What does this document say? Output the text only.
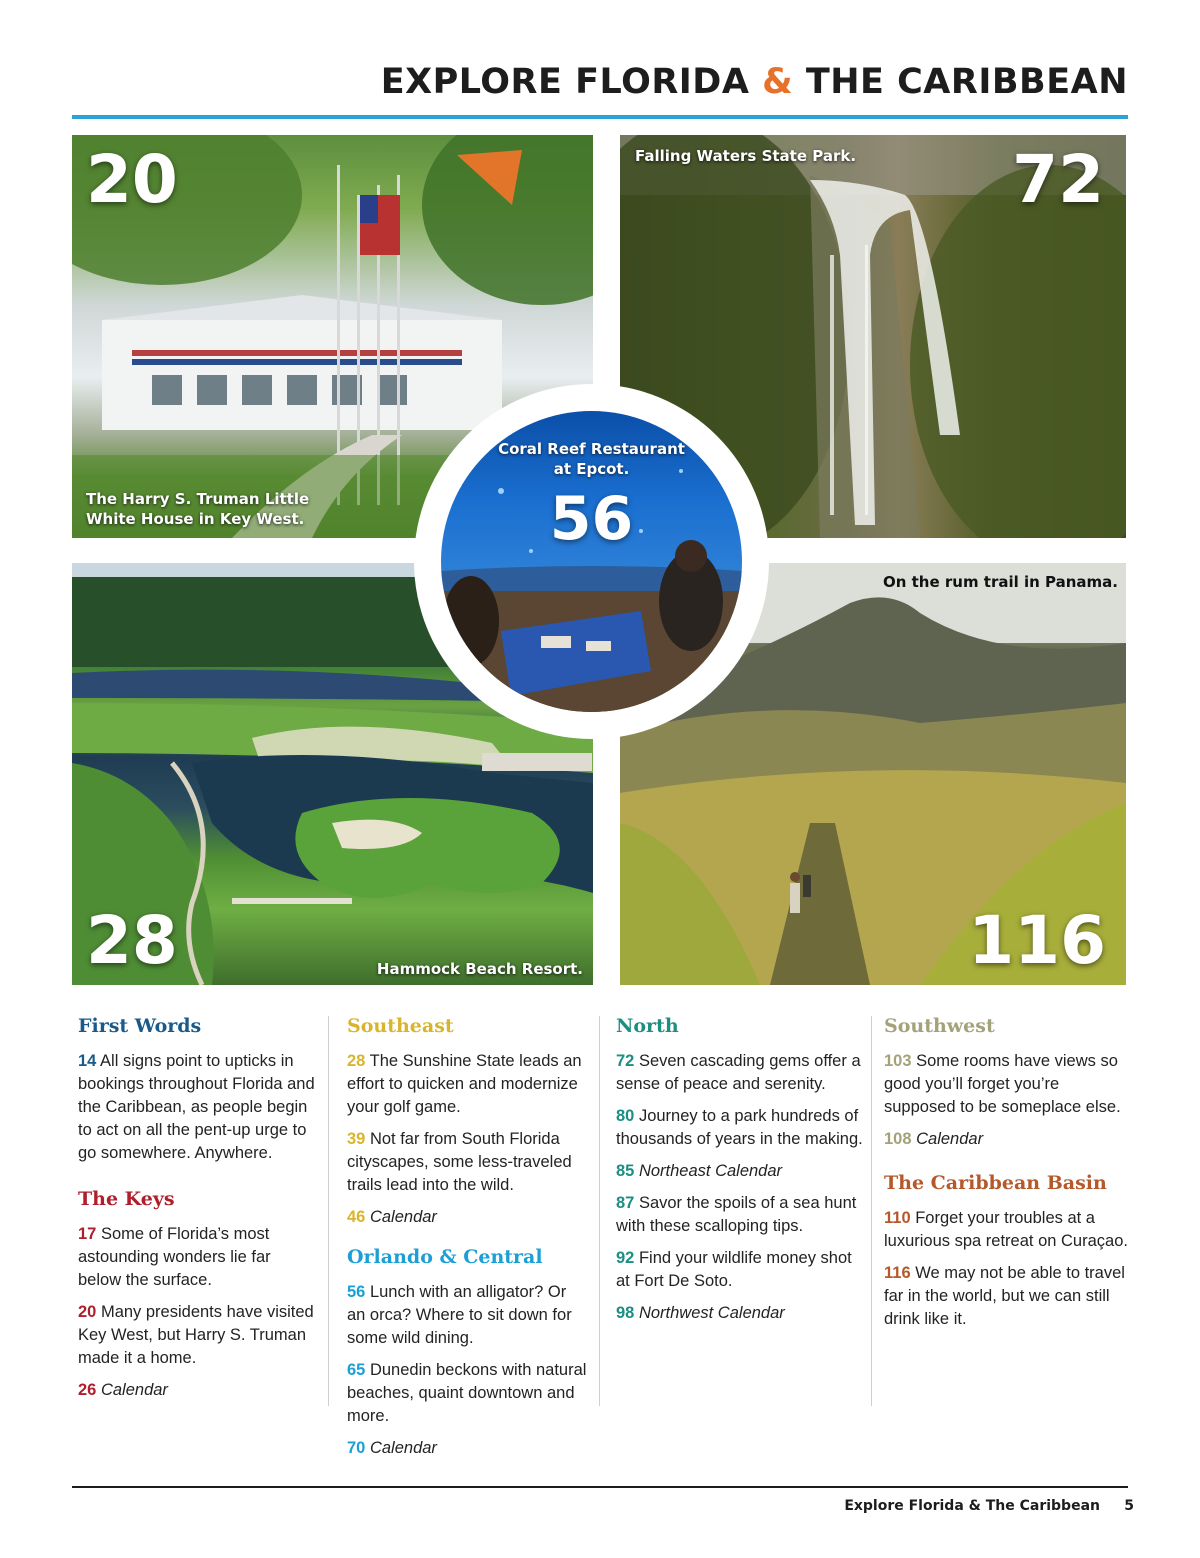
EXPLORE FLORIDA & THE CARIBBEAN
20
The Harry S. Truman Little
White House in Key West.
Falling Waters State Park. 72
28	Hammock Beach Resort.
On the rum trail in Panama.
116
Coral Reef Restaurant
at Epcot.
56
First Words

14 All signs point to upticks in bookings throughout Florida and the Caribbean, as people begin to act on all the pent-up urge to go somewhere. Anywhere.

The Keys

17 Some of Florida’s most astounding wonders lie far below the surface.

20 Many presidents have visited Key West, but Harry S. Truman made it a home.

26 Calendar

Southeast

28 The Sunshine State leads an effort to quicken and modernize your golf game.

39 Not far from South Florida cityscapes, some less-traveled trails lead into the wild.

46 Calendar

Orlando & Central

56 Lunch with an alligator? Or an orca? Where to sit down for some wild dining.

65 Dunedin beckons with natural beaches, quaint downtown and more.

70 Calendar

North

72 Seven cascading gems offer a sense of peace and serenity.

80 Journey to a park hundreds of thousands of years in the making.

85 Northeast Calendar

87 Savor the spoils of a sea hunt with these scalloping tips.

92 Find your wildlife money shot at Fort De Soto.

98 Northwest Calendar

Southwest

103 Some rooms have views so good you’ll forget you’re supposed to be someplace else.

108 Calendar

The Caribbean Basin

110 Forget your troubles at a luxurious spa retreat on Curaçao.

116 We may not be able to travel far in the world, but we can still drink like it.

Explore Florida & The Caribbean 5
